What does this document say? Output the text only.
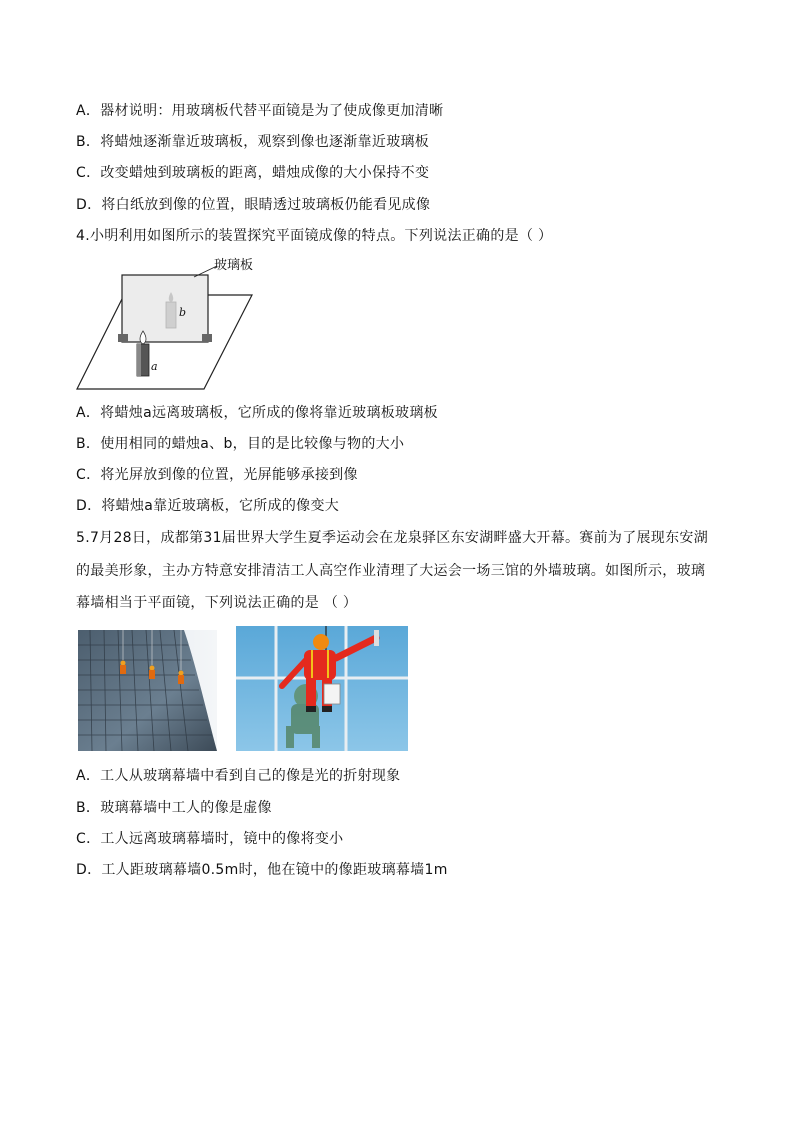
A．器材说明：用玻璃板代替平面镜是为了使成像更加清晰
B．将蜡烛逐渐靠近玻璃板，观察到像也逐渐靠近玻璃板
C．改变蜡烛到玻璃板的距离，蜡烛成像的大小保持不变
D．将白纸放到像的位置，眼睛透过玻璃板仍能看见成像
4.小明利用如图所示的装置探究平面镜成像的特点。下列说法正确的是（ ）
玻璃板
b
a
A．将蜡烛a远离玻璃板，它所成的像将靠近玻璃板玻璃板
B．使用相同的蜡烛a、b，目的是比较像与物的大小
C．将光屏放到像的位置，光屏能够承接到像
D．将蜡烛a靠近玻璃板，它所成的像变大
5.7月28日，成都第31届世界大学生夏季运动会在龙泉驿区东安湖畔盛大开幕。赛前为了展现东安湖
的最美形象，主办方特意安排清洁工人高空作业清理了大运会一场三馆的外墙玻璃。如图所示，玻璃
幕墙相当于平面镜，下列说法正确的是 （ ）
A．工人从玻璃幕墙中看到自己的像是光的折射现象
B．玻璃幕墙中工人的像是虚像
C．工人远离玻璃幕墙时，镜中的像将变小
D．工人距玻璃幕墙0.5m时，他在镜中的像距玻璃幕墙1m
